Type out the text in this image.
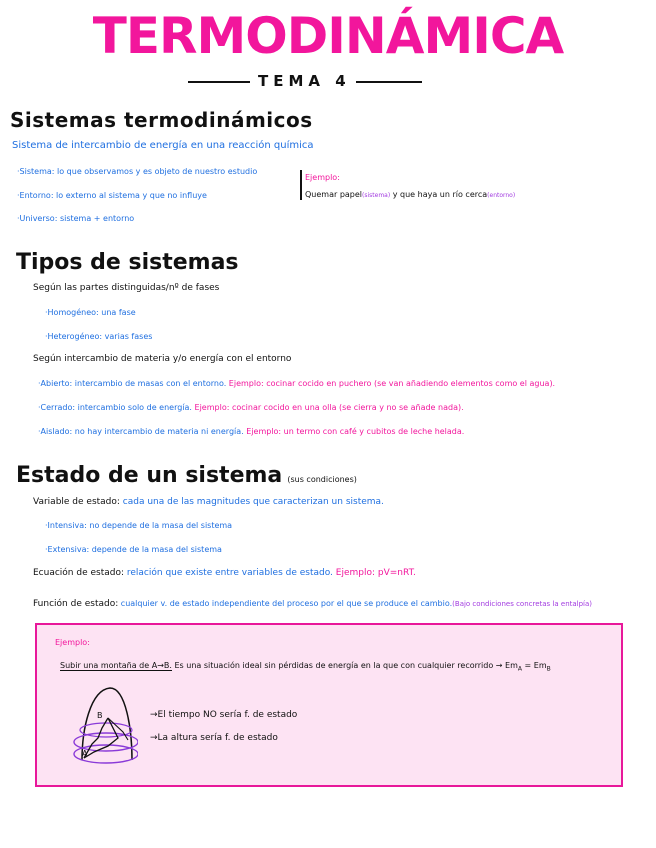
TERMODINÁMICA
TEMA 4
Sistemas termodinámicos
Sistema de intercambio de energía en una reacción química
·Sistema: lo que observamos y es objeto de nuestro estudio
·Entorno: lo externo al sistema y que no influye
·Universo: sistema + entorno
Ejemplo:
Quemar papel(sistema) y que haya un río cerca(entorno)
Tipos de sistemas
Según las partes distinguidas/nº de fases
·Homogéneo: una fase
·Heterogéneo: varias fases
Según intercambio de materia y/o energía con el entorno
·Abierto: intercambio de masas con el entorno. Ejemplo: cocinar cocido en puchero (se van añadiendo elementos como el agua).
·Cerrado: intercambio solo de energía. Ejemplo: cocinar cocido en una olla (se cierra y no se añade nada).
·Aislado: no hay intercambio de materia ni energía. Ejemplo: un termo con café y cubitos de leche helada.
Estado de un sistema (sus condiciones)
Variable de estado: cada una de las magnitudes que caracterizan un sistema.
·Intensiva: no depende de la masa del sistema
·Extensiva: depende de la masa del sistema
Ecuación de estado: relación que existe entre variables de estado. Ejemplo: pV=nRT.
Función de estado: cualquier v. de estado independiente del proceso por el que se produce el cambio.(Bajo condiciones concretas la entalpía)
Ejemplo:
Subir una montaña de A→B. Es una situación ideal sin pérdidas de energía en la que con cualquier recorrido → $Em_A = Em_B$
A
B	→El tiempo NO sería f. de estado
→La altura sería f. de estado
